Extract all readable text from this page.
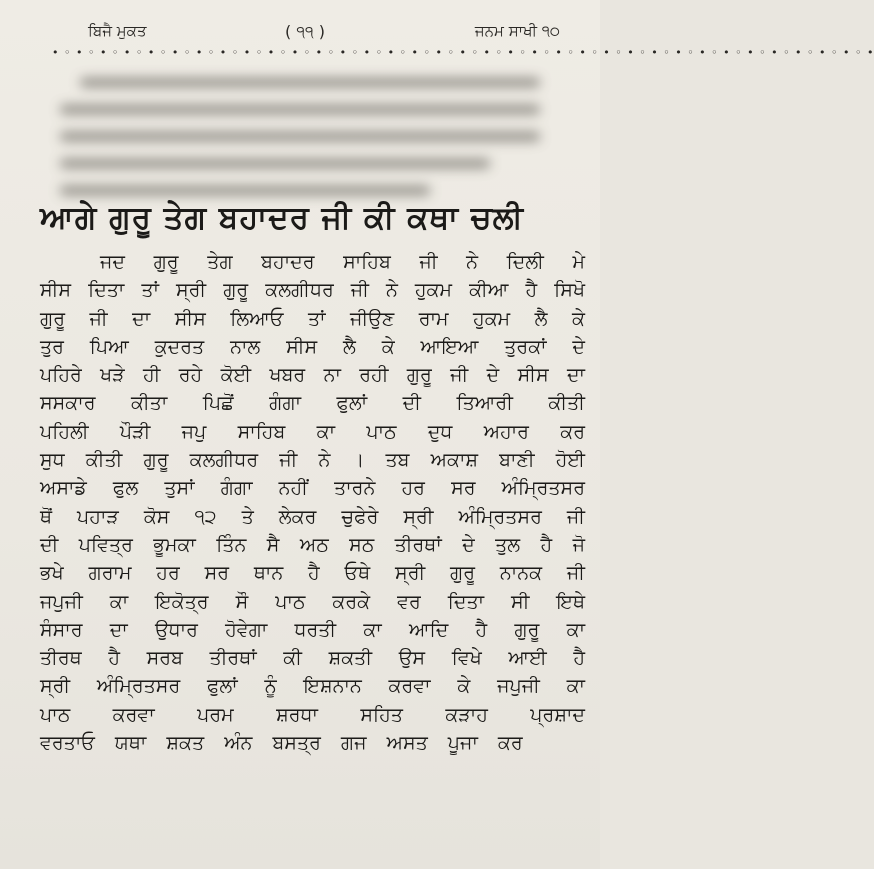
ਬਿਜੈ ਮੁਕਤ	( ੧੧ )	ਜਨਮ ਸਾਖੀ ੧੦
• ◦ • ◦ • ◦ • ◦ • ◦ • ◦ • ◦ • ◦ • ◦ • ◦ • ◦ • ◦ • ◦ • ◦ • ◦ • ◦ • ◦ • ◦ • ◦ • ◦ • ◦ • ◦ • ◦ • ◦ • ◦ • ◦ • ◦ • ◦ • ◦ • ◦ • ◦ • ◦ • ◦ • ◦ •
ਆਗੇ ਗੁਰੂ ਤੇਗ ਬਹਾਦਰ ਜੀ ਕੀ ਕਥਾ ਚਲੀ
ਜਦ ਗੁਰੂ ਤੇਗ ਬਹਾਦਰ ਸਾਹਿਬ ਜੀ ਨੇ ਦਿਲੀ ਮੇ
ਸੀਸ ਦਿਤਾ ਤਾਂ ਸ੍ਰੀ ਗੁਰੂ ਕਲਗੀਧਰ ਜੀ ਨੇ ਹੁਕਮ ਕੀਆ ਹੈ ਸਿਖੋ
ਗੁਰੂ ਜੀ ਦਾ ਸੀਸ ਲਿਆਓ ਤਾਂ ਜੀਉਣ ਰਾਮ ਹੁਕਮ ਲੈ ਕੇ
ਤੁਰ ਪਿਆ ਕੁਦਰਤ ਨਾਲ ਸੀਸ ਲੈ ਕੇ ਆਇਆ ਤੁਰਕਾਂ ਦੇ
ਪਹਿਰੇ ਖੜੇ ਹੀ ਰਹੇ ਕੋਈ ਖਬਰ ਨਾ ਰਹੀ ਗੁਰੂ ਜੀ ਦੇ ਸੀਸ ਦਾ
ਸਸਕਾਰ ਕੀਤਾ ਪਿਛੋਂ ਗੰਗਾ ਫੁਲਾਂ ਦੀ ਤਿਆਰੀ ਕੀਤੀ
ਪਹਿਲੀ ਪੌੜੀ ਜਪੁ ਸਾਹਿਬ ਕਾ ਪਾਠ ਦੁਧ ਅਹਾਰ ਕਰ
ਸੁਧ ਕੀਤੀ ਗੁਰੂ ਕਲਗੀਧਰ ਜੀ ਨੇ । ਤਬ ਅਕਾਸ਼ ਬਾਣੀ ਹੋਈ
ਅਸਾਡੇ ਫੁਲ ਤੁਸਾਂ ਗੰਗਾ ਨਹੀਂ ਤਾਰਨੇ ਹਰ ਸਰ ਅੰਮ੍ਰਿਤਸਰ
ਥੋਂ ਪਹਾੜ ਕੋਸ ੧੨ ਤੇ ਲੇਕਰ ਚੁਫੇਰੇ ਸ੍ਰੀ ਅੰਮ੍ਰਿਤਸਰ ਜੀ
ਦੀ ਪਵਿਤ੍ਰ ਭੂਮਕਾ ਤਿੰਨ ਸੈ ਅਠ ਸਠ ਤੀਰਥਾਂ ਦੇ ਤੁਲ ਹੈ ਜੋ
ਭਖੇ ਗਰਾਮ ਹਰ ਸਰ ਥਾਨ ਹੈ ਓਥੇ ਸ੍ਰੀ ਗੁਰੂ ਨਾਨਕ ਜੀ
ਜਪੁਜੀ ਕਾ ਇਕੋਤ੍ਰ ਸੌ ਪਾਠ ਕਰਕੇ ਵਰ ਦਿਤਾ ਸੀ ਇਥੇ
ਸੰਸਾਰ ਦਾ ਉਧਾਰ ਹੋਵੇਗਾ ਧਰਤੀ ਕਾ ਆਦਿ ਹੈ ਗੁਰੂ ਕਾ
ਤੀਰਥ ਹੈ ਸਰਬ ਤੀਰਥਾਂ ਕੀ ਸ਼ਕਤੀ ਉਸ ਵਿਖੇ ਆਈ ਹੈ
ਸ੍ਰੀ ਅੰਮ੍ਰਿਤਸਰ ਫੁਲਾਂ ਨੂੰ ਇਸ਼ਨਾਨ ਕਰਵਾ ਕੇ ਜਪੁਜੀ ਕਾ
ਪਾਠ ਕਰਵਾ ਪਰਮ ਸ਼ਰਧਾ ਸਹਿਤ ਕੜਾਹ ਪ੍ਰਸ਼ਾਦ
ਵਰਤਾਓ ਯਥਾ ਸ਼ਕਤ ਅੰਨ ਬਸਤ੍ਰ ਗਜ ਅਸਤ ਪੂਜਾ ਕਰ
